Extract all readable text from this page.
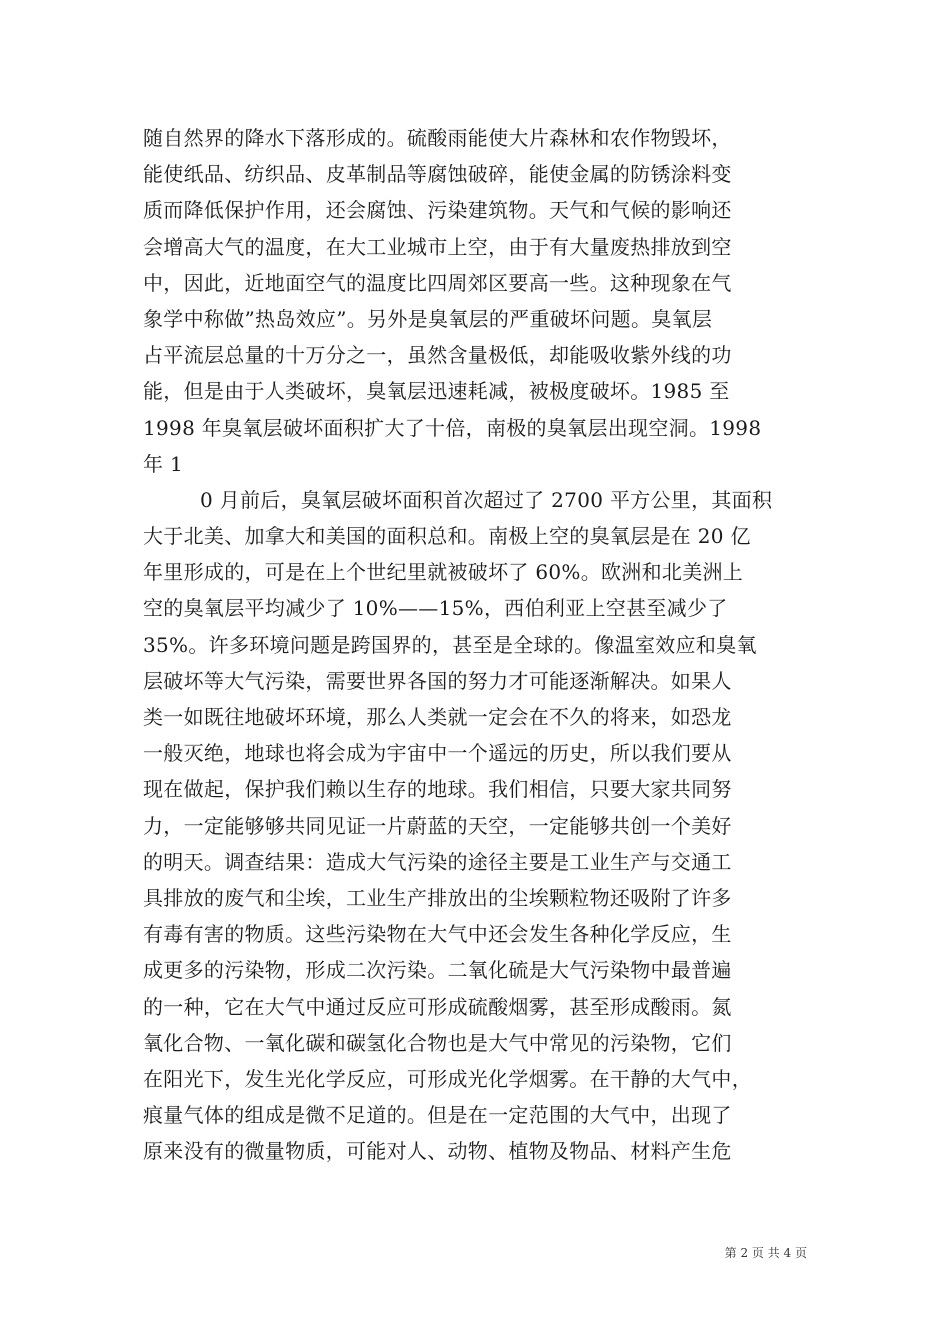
随自然界的降水下落形成的。硫酸雨能使大片森林和农作物毁坏，
能使纸品、纺织品、皮革制品等腐蚀破碎，能使金属的防锈涂料变
质而降低保护作用，还会腐蚀、污染建筑物。天气和气候的影响还
会增高大气的温度，在大工业城市上空，由于有大量废热排放到空
中，因此，近地面空气的温度比四周郊区要高一些。这种现象在气
象学中称做”热岛效应”。另外是臭氧层的严重破坏问题。臭氧层
占平流层总量的十万分之一，虽然含量极低，却能吸收紫外线的功
能，但是由于人类破坏，臭氧层迅速耗减，被极度破坏。1985 至
1998 年臭氧层破坏面积扩大了十倍，南极的臭氧层出现空洞。1998
年 1
0 月前后，臭氧层破坏面积首次超过了 2700 平方公里，其面积
大于北美、加拿大和美国的面积总和。南极上空的臭氧层是在 20 亿
年里形成的，可是在上个世纪里就被破坏了 60%。欧洲和北美洲上
空的臭氧层平均减少了 10%——15%，西伯利亚上空甚至减少了
35%。许多环境问题是跨国界的，甚至是全球的。像温室效应和臭氧
层破坏等大气污染，需要世界各国的努力才可能逐渐解决。如果人
类一如既往地破坏环境，那么人类就一定会在不久的将来，如恐龙
一般灭绝，地球也将会成为宇宙中一个遥远的历史，所以我们要从
现在做起，保护我们赖以生存的地球。我们相信，只要大家共同努
力，一定能够够共同见证一片蔚蓝的天空，一定能够共创一个美好
的明天。调查结果：造成大气污染的途径主要是工业生产与交通工
具排放的废气和尘埃，工业生产排放出的尘埃颗粒物还吸附了许多
有毒有害的物质。这些污染物在大气中还会发生各种化学反应，生
成更多的污染物，形成二次污染。二氧化硫是大气污染物中最普遍
的一种，它在大气中通过反应可形成硫酸烟雾，甚至形成酸雨。氮
氧化合物、一氧化碳和碳氢化合物也是大气中常见的污染物，它们
在阳光下，发生光化学反应，可形成光化学烟雾。在干静的大气中，
痕量气体的组成是微不足道的。但是在一定范围的大气中，出现了
原来没有的微量物质，可能对人、动物、植物及物品、材料产生危
第 2 页 共 4 页
